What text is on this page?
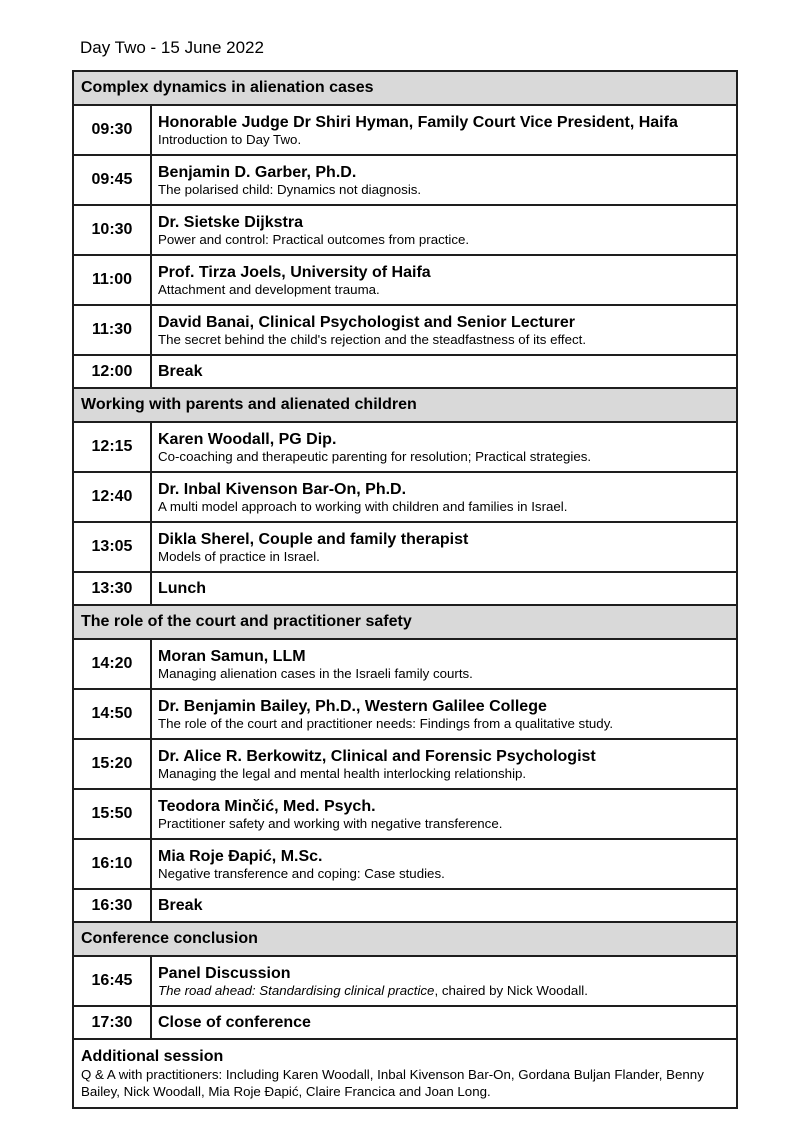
Day Two - 15 June 2022
Complex dynamics in alienation cases	
09:30	Honorable Judge Dr Shiri Hyman, Family Court Vice President, Haifa
Introduction to Day Two.

09:45	Benjamin D. Garber, Ph.D.
The polarised child: Dynamics not diagnosis.

10:30	Dr. Sietske Dijkstra
Power and control: Practical outcomes from practice.

11:00	Prof. Tirza Joels, University of Haifa
Attachment and development trauma.

11:30	David Banai, Clinical Psychologist and Senior Lecturer
The secret behind the child's rejection and the steadfastness of its effect.

12:00	Break
Working with parents and alienated children	
12:15	Karen Woodall, PG Dip.
Co-coaching and therapeutic parenting for resolution; Practical strategies.

12:40	Dr. Inbal Kivenson Bar-On, Ph.D.
A multi model approach to working with children and families in Israel.

13:05	Dikla Sherel, Couple and family therapist
Models of practice in Israel.

13:30	Lunch
The role of the court and practitioner safety	
14:20	Moran Samun, LLM
Managing alienation cases in the Israeli family courts.

14:50	Dr. Benjamin Bailey, Ph.D., Western Galilee College
The role of the court and practitioner needs: Findings from a qualitative study.

15:20	Dr. Alice R. Berkowitz, Clinical and Forensic Psychologist
Managing the legal and mental health interlocking relationship.

15:50	Teodora Minčić, Med. Psych.
Practitioner safety and working with negative transference.

16:10	Mia Roje Đapić, M.Sc.
Negative transference and coping: Case studies.

16:30	Break
Conference conclusion	
16:45	Panel Discussion
The road ahead: Standardising clinical practice, chaired by Nick Woodall.

17:30	Close of conference

Additional session
Q & A with practitioners: Including Karen Woodall, Inbal Kivenson Bar-On, Gordana Buljan Flander, Benny Bailey, Nick Woodall, Mia Roje Đapić, Claire Francica and Joan Long.	
